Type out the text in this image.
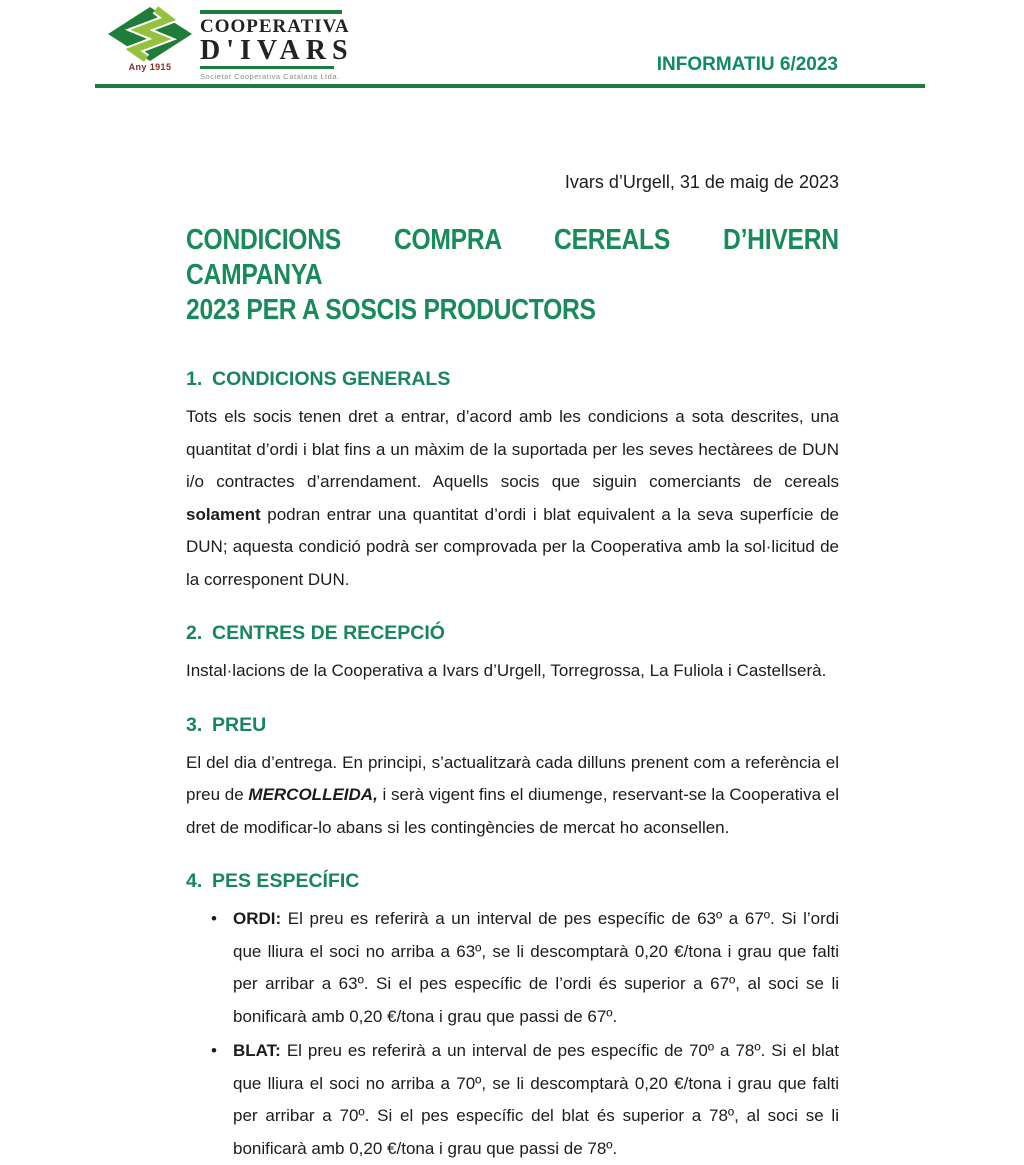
Any 1915
COOPERATIVA
D'IVARS
Societat Cooperativa Catalana Ltda.
INFORMATIU 6/2023
Ivars d’Urgell, 31 de maig de 2023
CONDICIONS COMPRA CEREALS D’HIVERN CAMPANYA
2023 PER A SOSCIS PRODUCTORS
1. CONDICIONS GENERALS

Tots els socis tenen dret a entrar, d’acord amb les condicions a sota descrites, una quantitat d’ordi i blat fins a un màxim de la suportada per les seves hectàrees de DUN i/o contractes d’arrendament. Aquells socis que siguin comerciants de cereals solament podran entrar una quantitat d’ordi i blat equivalent a la seva superfície de DUN; aquesta condició podrà ser comprovada per la Cooperativa amb la sol·licitud de la corresponent DUN.

2. CENTRES DE RECEPCIÓ

Instal·lacions de la Cooperativa a Ivars d’Urgell, Torregrossa, La Fuliola i Castellserà.

3. PREU

El del dia d’entrega. En principi, s’actualitzarà cada dilluns prenent com a referència el preu de MERCOLLEIDA, i serà vigent fins el diumenge, reservant-se la Cooperativa el dret de modificar-lo abans si les contingències de mercat ho aconsellen.

4. PES ESPECÍFIC
• ORDI: El preu es referirà a un interval de pes específic de 63º a 67º. Si l’ordi que lliura el soci no arriba a 63º, se li descomptarà 0,20 €/tona i grau que falti per arribar a 63º. Si el pes específic de l’ordi és superior a 67º, al soci se li bonificarà amb 0,20 €/tona i grau que passi de 67º.
• BLAT: El preu es referirà a un interval de pes específic de 70º a 78º. Si el blat que lliura el soci no arriba a 70º, se li descomptarà 0,20 €/tona i grau que falti per arribar a 70º. Si el pes específic del blat és superior a 78º, al soci se li bonificarà amb 0,20 €/tona i grau que passi de 78º.
